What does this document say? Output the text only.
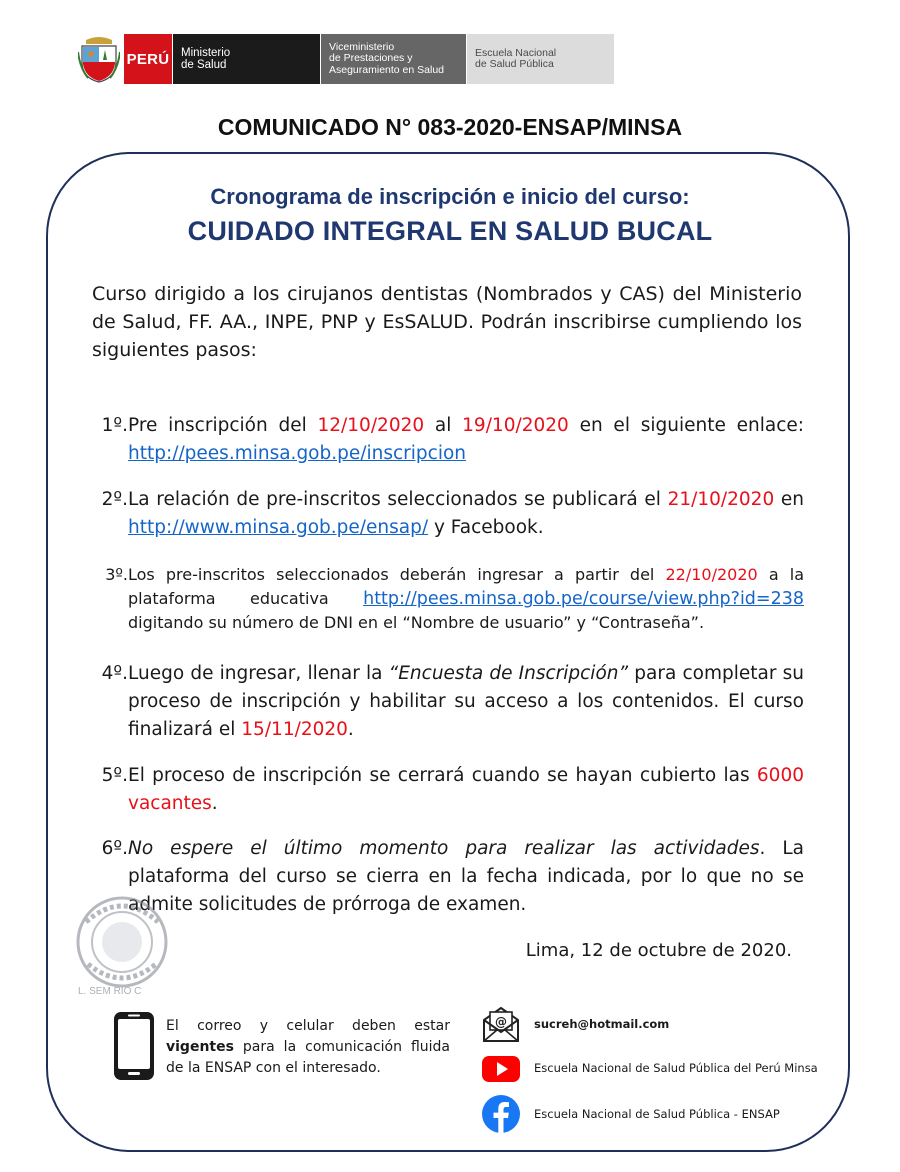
PERÚ Ministerio
de Salud
Viceministerio
de Prestaciones y
Aseguramiento en Salud
Escuela Nacional
de Salud Pública
COMUNICADO N° 083-2020-ENSAP/MINSA
Cronograma de inscripción e inicio del curso:
CUIDADO INTEGRAL EN SALUD BUCAL
Curso dirigido a los cirujanos dentistas (Nombrados y CAS) del Ministerio de Salud, FF. AA., INPE, PNP y EsSALUD. Podrán inscribirse cumpliendo los siguientes pasos:
1º. Pre inscripción del 12/10/2020 al 19/10/2020 en el siguiente enlace: http://pees.minsa.gob.pe/inscripcion
2º. La relación de pre-inscritos seleccionados se publicará el 21/10/2020 en http://www.minsa.gob.pe/ensap/ y Facebook.
3º. Los pre-inscritos seleccionados deberán ingresar a partir del 22/10/2020 a la plataforma educativa http://pees.minsa.gob.pe/course/view.php?id=238 digitando su número de DNI en el “Nombre de usuario” y “Contraseña”.
4º. Luego de ingresar, llenar la “Encuesta de Inscripción” para completar su proceso de inscripción y habilitar su acceso a los contenidos. El curso finalizará el 15/11/2020.
5º. El proceso de inscripción se cerrará cuando se hayan cubierto las 6000 vacantes.
6º. No espere el último momento para realizar las actividades. La plataforma del curso se cierra en la fecha indicada, por lo que no se admite solicitudes de prórroga de examen.
Lima, 12 de octubre de 2020.
L. SEM RIO C
El correo y celular deben estar vigentes para la comunicación fluida de la ENSAP con el interesado.
@ sucreh@hotmail.com
Escuela Nacional de Salud Pública del Perú Minsa
Escuela Nacional de Salud Pública - ENSAP
